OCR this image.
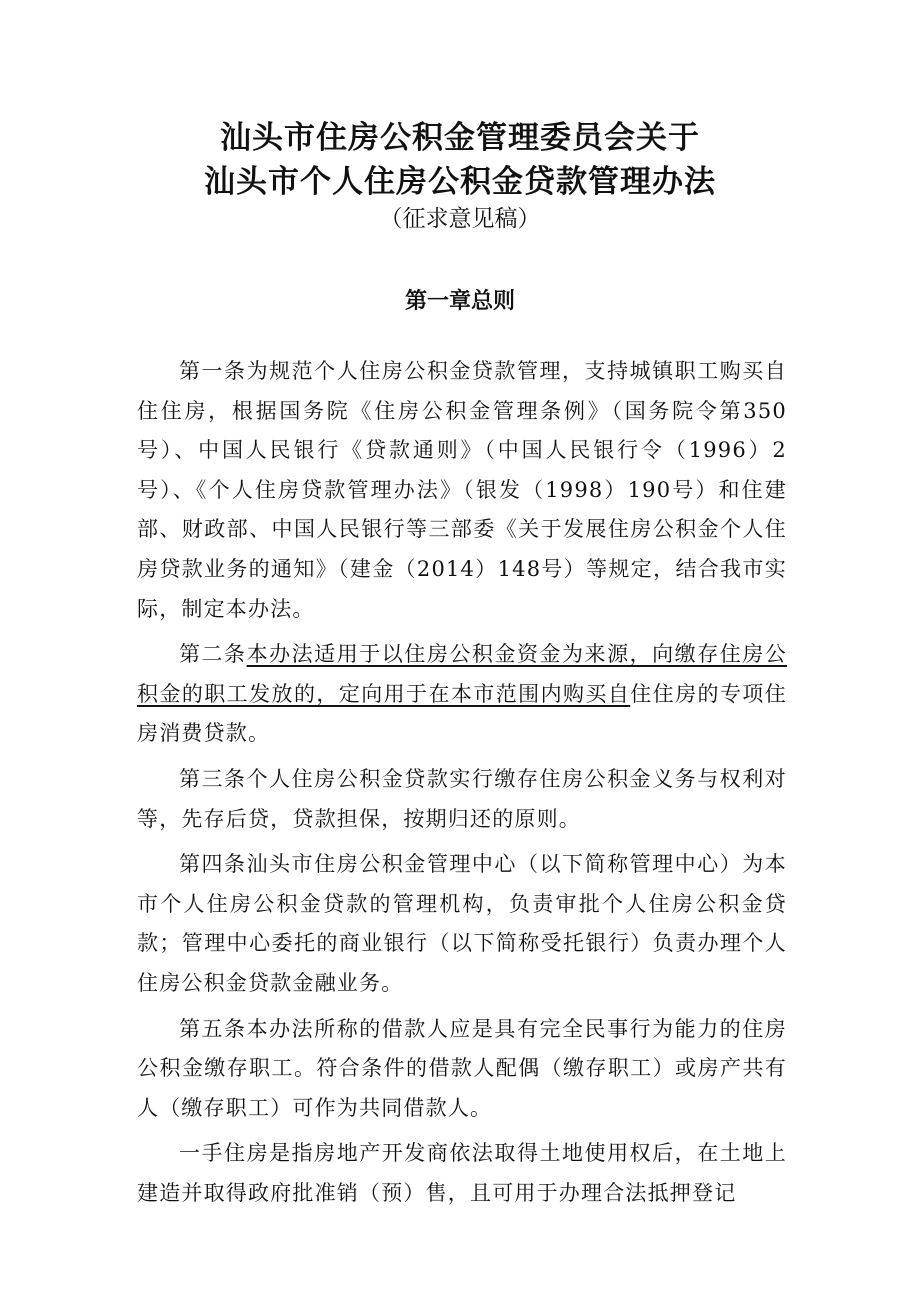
汕头市住房公积金管理委员会关于
汕头市个人住房公积金贷款管理办法
（征求意见稿）
第一章总则

第一条为规范个人住房公积金贷款管理，支持城镇职工购买自住住房，根据国务院《住房公积金管理条例》（国务院令第350号）、中国人民银行《贷款通则》（中国人民银行令（1996）2号）、《个人住房贷款管理办法》（银发（1998）190号）和住建部、财政部、中国人民银行等三部委《关于发展住房公积金个人住房贷款业务的通知》（建金（2014）148号）等规定，结合我市实际，制定本办法。

第二条本办法适用于以住房公积金资金为来源，向缴存住房公积金的职工发放的，定向用于在本市范围内购买自住住房的专项住房消费贷款。

第三条个人住房公积金贷款实行缴存住房公积金义务与权利对等，先存后贷，贷款担保，按期归还的原则。

第四条汕头市住房公积金管理中心（以下简称管理中心）为本市个人住房公积金贷款的管理机构，负责审批个人住房公积金贷款；管理中心委托的商业银行（以下简称受托银行）负责办理个人住房公积金贷款金融业务。

第五条本办法所称的借款人应是具有完全民事行为能力的住房公积金缴存职工。符合条件的借款人配偶（缴存职工）或房产共有人（缴存职工）可作为共同借款人。

一手住房是指房地产开发商依法取得土地使用权后，在土地上建造并取得政府批准销（预）售，且可用于办理合法抵押登记
